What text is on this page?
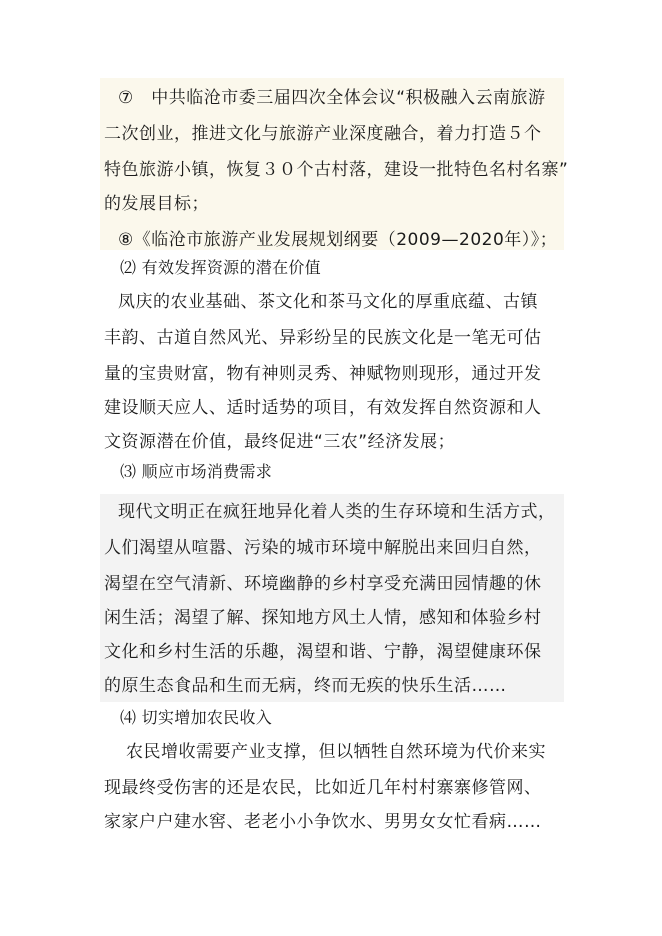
⑦　中共临沧市委三届四次全体会议“积极融入云南旅游
二次创业，推进文化与旅游产业深度融合，着力打造５个
特色旅游小镇，恢复３０个古村落，建设一批特色名村名寨”
的发展目标；
⑧《临沧市旅游产业发展规划纲要（2009—2020年）》；
⑵ 有效发挥资源的潜在价值
凤庆的农业基础、茶文化和茶马文化的厚重底蕴、古镇
丰韵、古道自然风光、异彩纷呈的民族文化是一笔无可估
量的宝贵财富，物有神则灵秀、神赋物则现形，通过开发
建设顺天应人、适时适势的项目，有效发挥自然资源和人
文资源潜在价值，最终促进“三农”经济发展；
⑶ 顺应市场消费需求
现代文明正在疯狂地异化着人类的生存环境和生活方式，
人们渴望从喧嚣、污染的城市环境中解脱出来回归自然，
渴望在空气清新、环境幽静的乡村享受充满田园情趣的休
闲生活；渴望了解、探知地方风土人情，感知和体验乡村
文化和乡村生活的乐趣，渴望和谐、宁静，渴望健康环保
的原生态食品和生而无病，终而无疾的快乐生活……
⑷ 切实增加农民收入
农民增收需要产业支撑，但以牺牲自然环境为代价来实
现最终受伤害的还是农民，比如近几年村村寨寨修管网、
家家户户建水窖、老老小小争饮水、男男女女忙看病……
